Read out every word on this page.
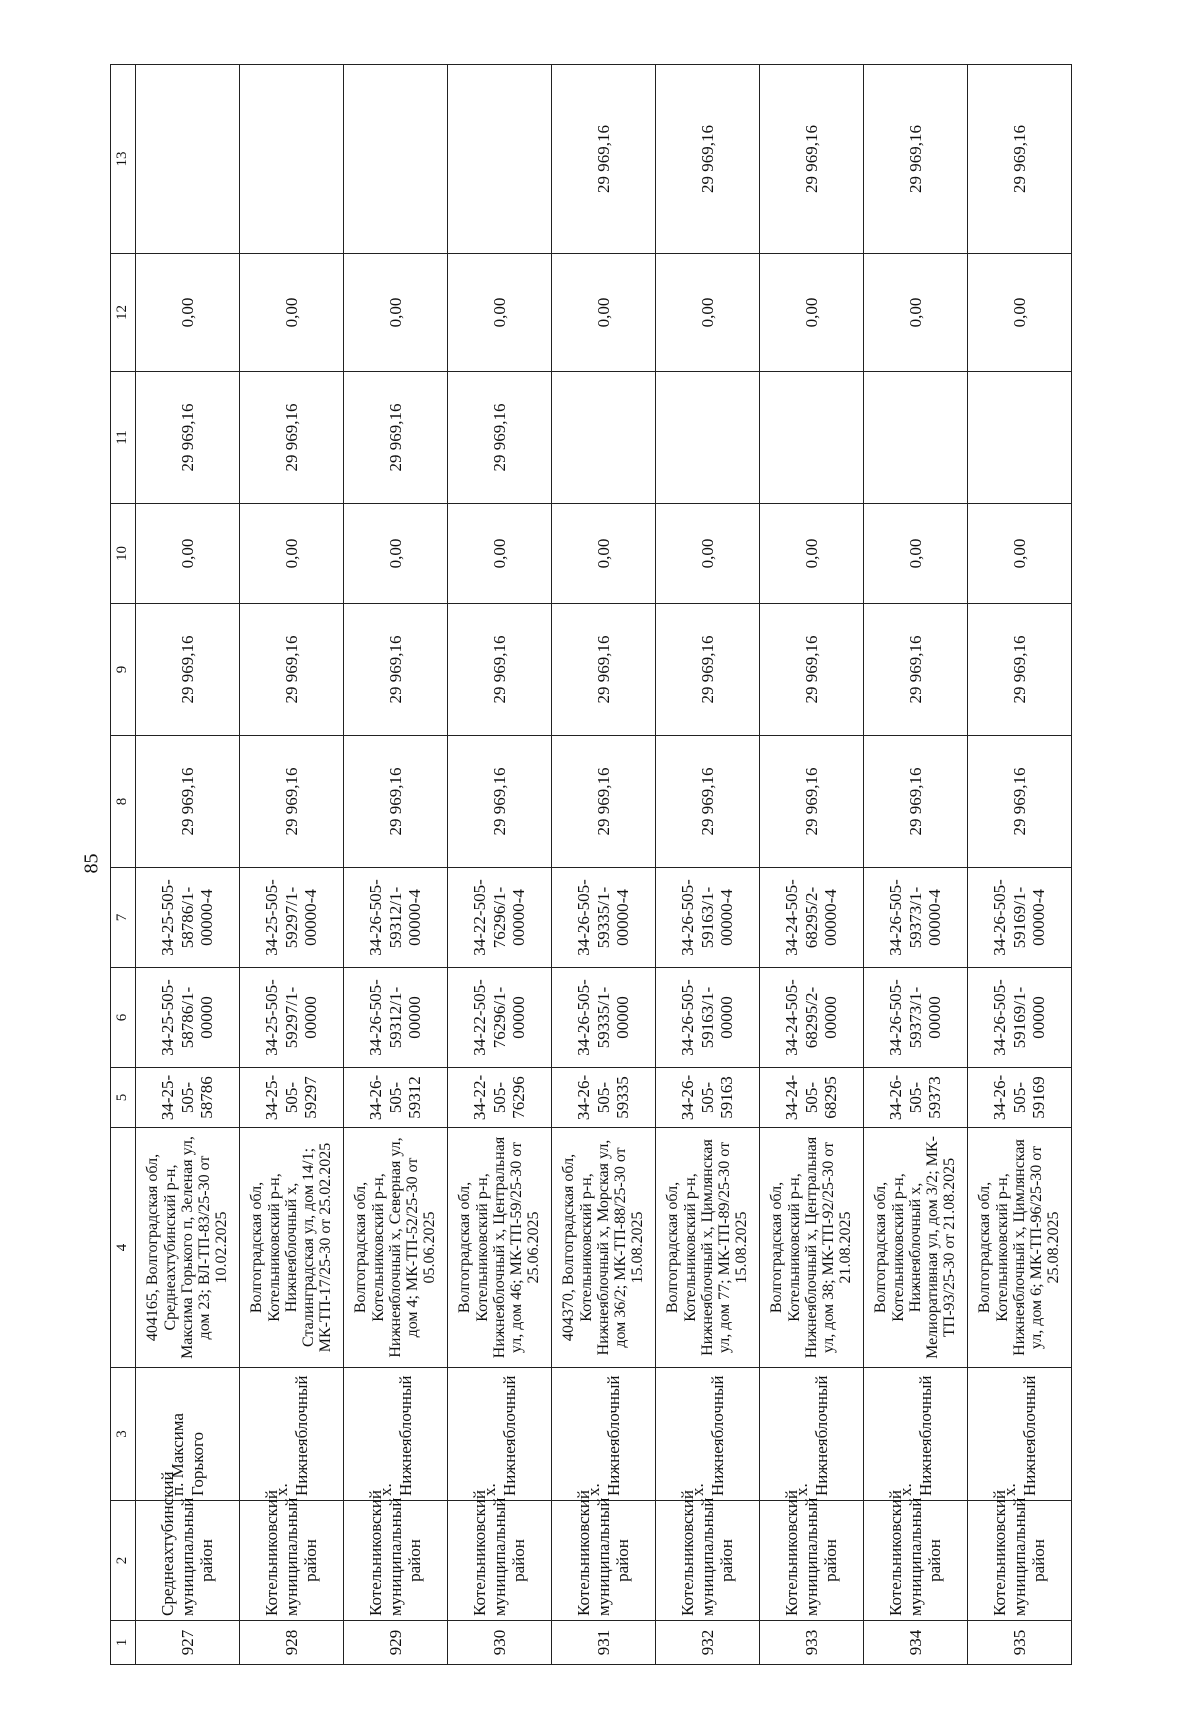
85
1	2	3	4	5	6	7	8	9	10	11	12	13
927	Среднеахтубинский муниципальный район	п. Максима Горького	404165, Волгоградская обл, Среднеахтубинский р-н, Максима Горького п, Зеленая ул, дом 23; ВЛ-ТП-83/25-30 от 10.02.2025	34-25-505-58786	34-25-505-58786/1-00000	34-25-505-58786/1-00000-4	29 969,16	29 969,16	0,00	29 969,16	0,00	
928	Котельниковский муниципальный район	х. Нижнеяблочный	Волгоградская обл, Котельниковский р-н, Нижнеяблочный х, Сталинградская ул, дом 14/1; МК-ТП-17/25-30 от 25.02.2025	34-25-505-59297	34-25-505-59297/1-00000	34-25-505-59297/1-00000-4	29 969,16	29 969,16	0,00	29 969,16	0,00	
929	Котельниковский муниципальный район	х. Нижнеяблочный	Волгоградская обл, Котельниковский р-н, Нижнеяблочный х, Северная ул, дом 4; МК-ТП-52/25-30 от 05.06.2025	34-26-505-59312	34-26-505-59312/1-00000	34-26-505-59312/1-00000-4	29 969,16	29 969,16	0,00	29 969,16	0,00	
930	Котельниковский муниципальный район	х. Нижнеяблочный	Волгоградская обл, Котельниковский р-н, Нижнеяблочный х, Центральная ул, дом 46; МК-ТП-59/25-30 от 25.06.2025	34-22-505-76296	34-22-505-76296/1-00000	34-22-505-76296/1-00000-4	29 969,16	29 969,16	0,00	29 969,16	0,00	
931	Котельниковский муниципальный район	х. Нижнеяблочный	404370, Волгоградская обл, Котельниковский р-н, Нижнеяблочный х, Морская ул, дом 36/2; МК-ТП-88/25-30 от 15.08.2025	34-26-505-59335	34-26-505-59335/1-00000	34-26-505-59335/1-00000-4	29 969,16	29 969,16	0,00		0,00	29 969,16
932	Котельниковский муниципальный район	х. Нижнеяблочный	Волгоградская обл, Котельниковский р-н, Нижнеяблочный х, Цимлянская ул, дом 77; МК-ТП-89/25-30 от 15.08.2025	34-26-505-59163	34-26-505-59163/1-00000	34-26-505-59163/1-00000-4	29 969,16	29 969,16	0,00		0,00	29 969,16
933	Котельниковский муниципальный район	х. Нижнеяблочный	Волгоградская обл, Котельниковский р-н, Нижнеяблочный х, Центральная ул, дом 38; МК-ТП-92/25-30 от 21.08.2025	34-24-505-68295	34-24-505-68295/2-00000	34-24-505-68295/2-00000-4	29 969,16	29 969,16	0,00		0,00	29 969,16
934	Котельниковский муниципальный район	х. Нижнеяблочный	Волгоградская обл, Котельниковский р-н, Нижнеяблочный х, Мелиоративная ул, дом 3/2; МК-ТП-93/25-30 от 21.08.2025	34-26-505-59373	34-26-505-59373/1-00000	34-26-505-59373/1-00000-4	29 969,16	29 969,16	0,00		0,00	29 969,16
935	Котельниковский муниципальный район	х. Нижнеяблочный	Волгоградская обл, Котельниковский р-н, Нижнеяблочный х, Цимлянская ул, дом 6; МК-ТП-96/25-30 от 25.08.2025	34-26-505-59169	34-26-505-59169/1-00000	34-26-505-59169/1-00000-4	29 969,16	29 969,16	0,00		0,00	29 969,16
